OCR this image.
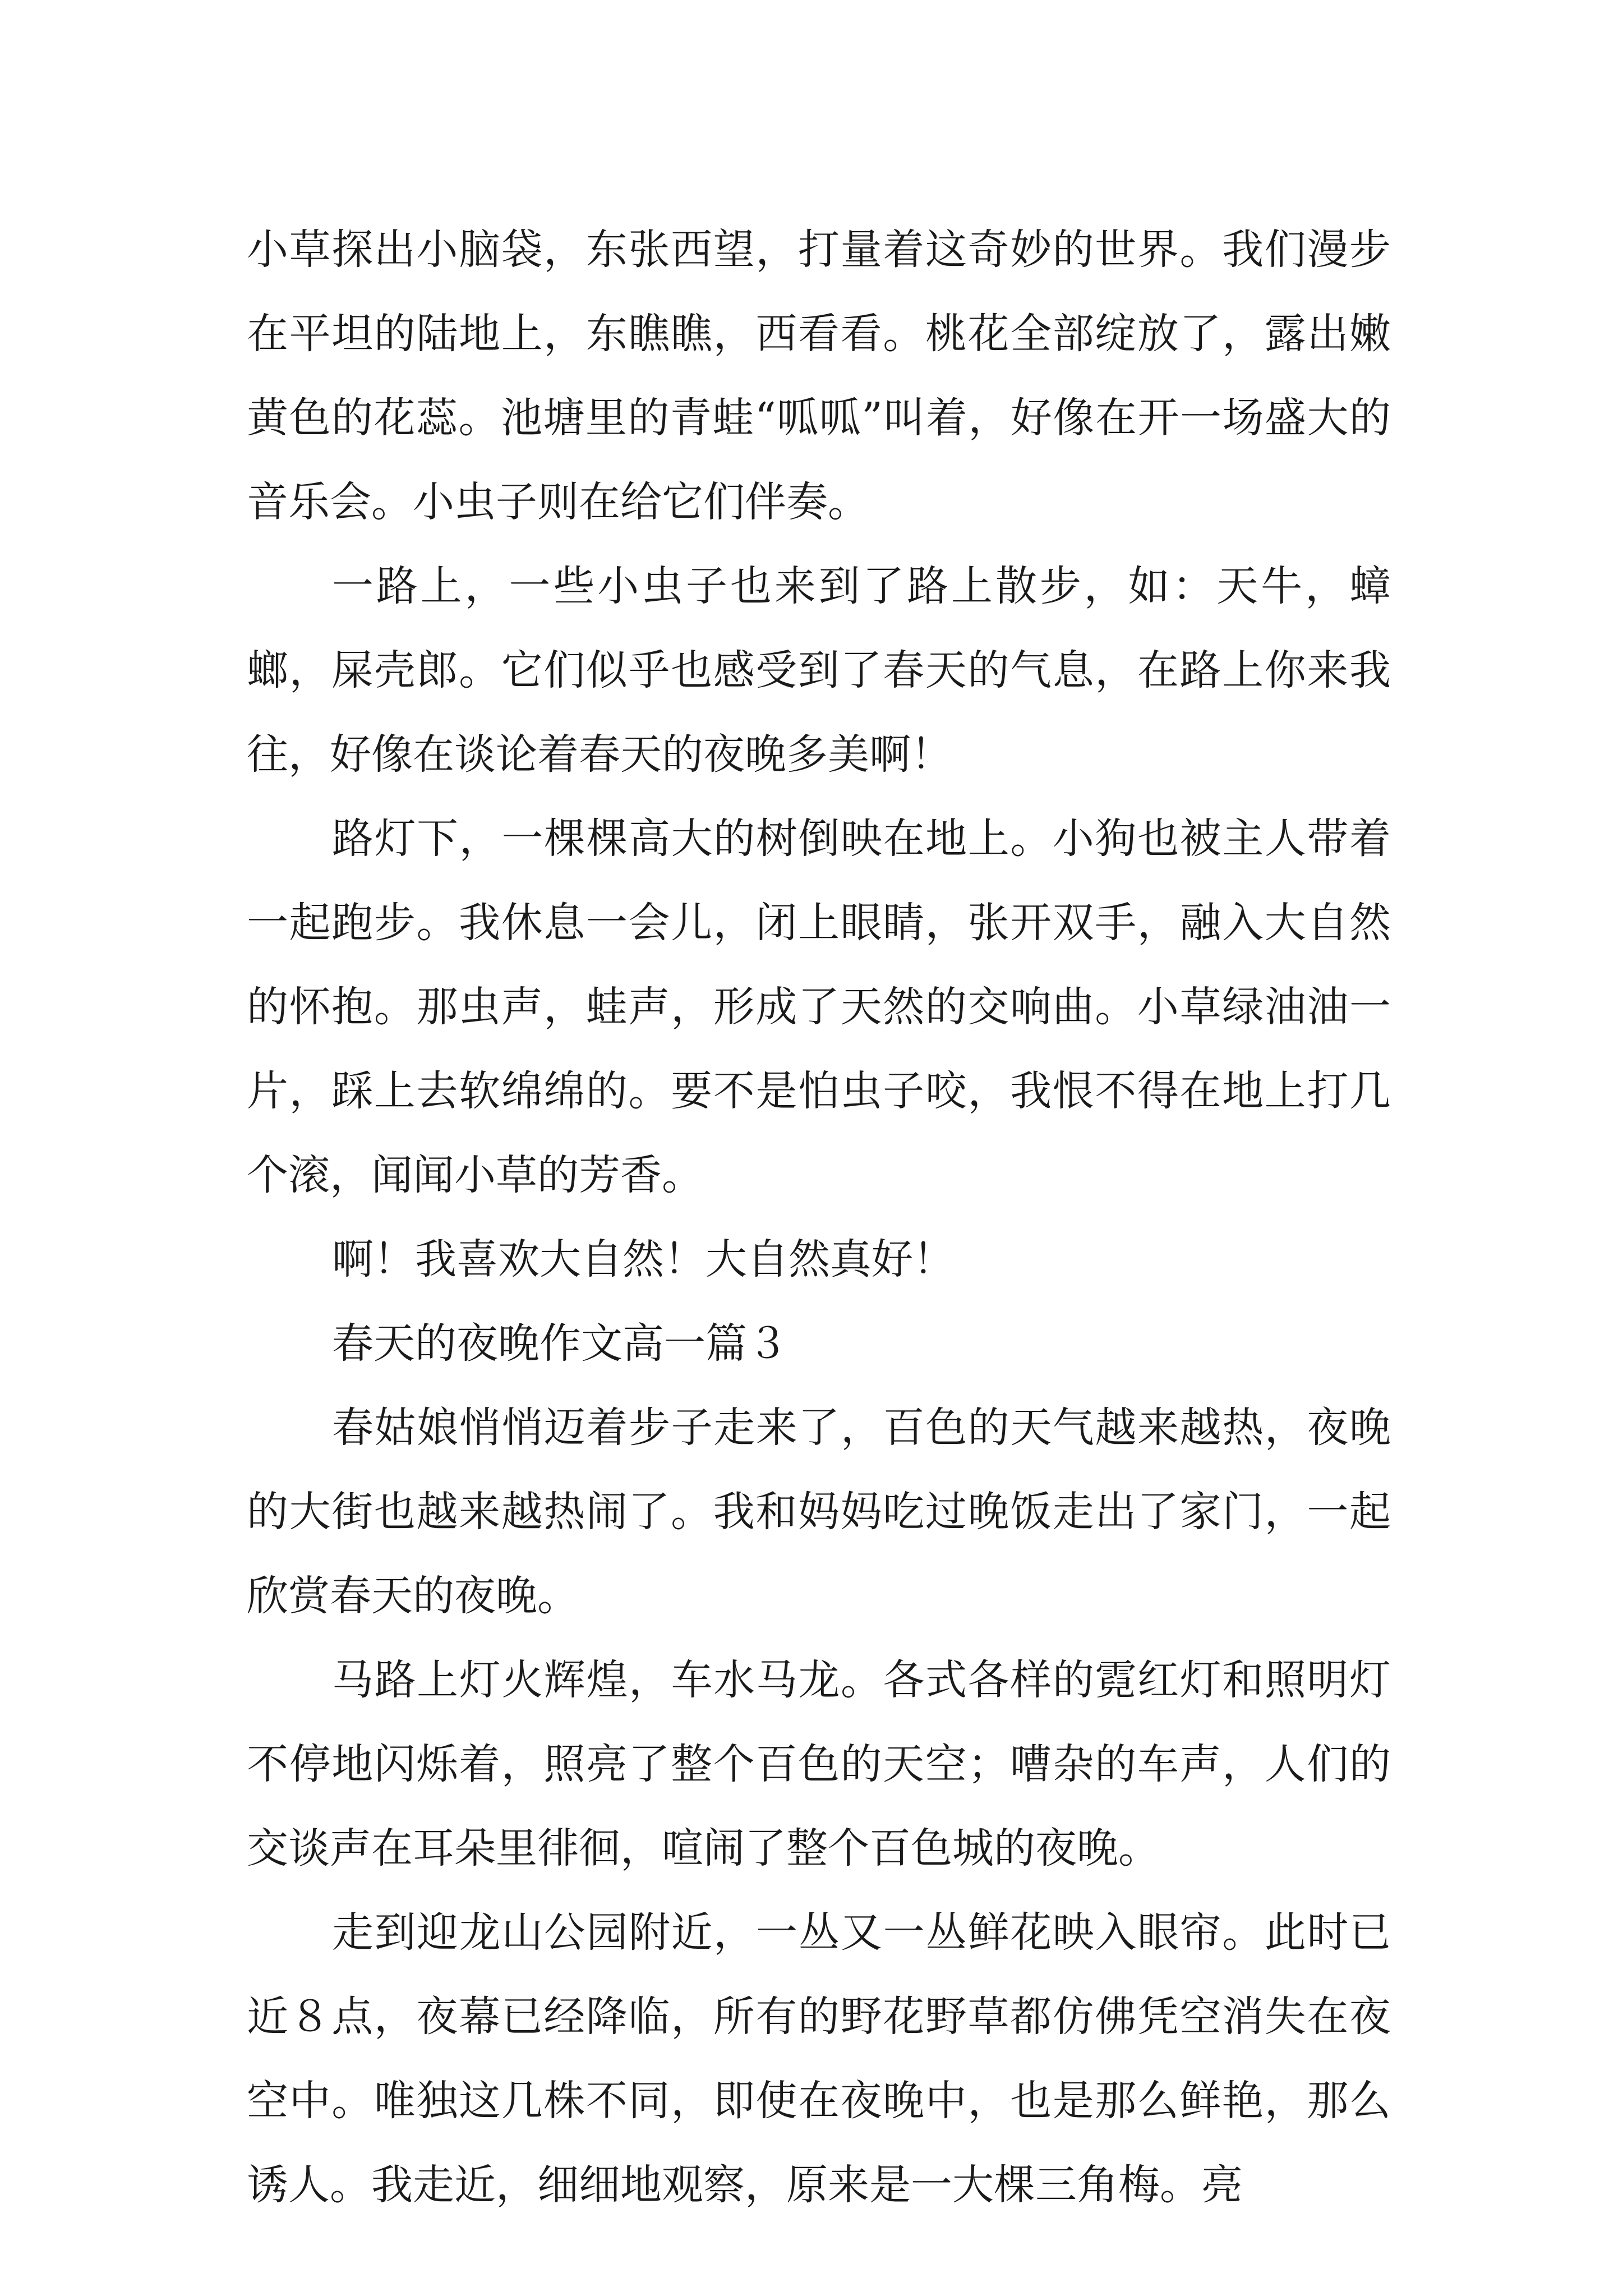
小草探出小脑袋，东张西望，打量着这奇妙的世界。我们漫步在平坦的陆地上，东瞧瞧，西看看。桃花全部绽放了，露出嫩黄色的花蕊。池塘里的青蛙“呱呱”叫着，好像在开一场盛大的音乐会。小虫子则在给它们伴奏。

一路上，一些小虫子也来到了路上散步，如：天牛，蟑螂，屎壳郎。它们似乎也感受到了春天的气息，在路上你来我往，好像在谈论着春天的夜晚多美啊！

路灯下，一棵棵高大的树倒映在地上。小狗也被主人带着一起跑步。我休息一会儿，闭上眼睛，张开双手，融入大自然的怀抱。那虫声，蛙声，形成了天然的交响曲。小草绿油油一片，踩上去软绵绵的。要不是怕虫子咬，我恨不得在地上打几个滚，闻闻小草的芳香。

啊！我喜欢大自然！大自然真好！

春天的夜晚作文高一篇３

春姑娘悄悄迈着步子走来了，百色的天气越来越热，夜晚的大街也越来越热闹了。我和妈妈吃过晚饭走出了家门，一起欣赏春天的夜晚。

马路上灯火辉煌，车水马龙。各式各样的霓红灯和照明灯不停地闪烁着，照亮了整个百色的天空；嘈杂的车声，人们的交谈声在耳朵里徘徊，喧闹了整个百色城的夜晚。

走到迎龙山公园附近，一丛又一丛鲜花映入眼帘。此时已近８点，夜幕已经降临，所有的野花野草都仿佛凭空消失在夜空中。唯独这几株不同，即使在夜晚中，也是那么鲜艳，那么诱人。我走近，细细地观察，原来是一大棵三角梅。亮
